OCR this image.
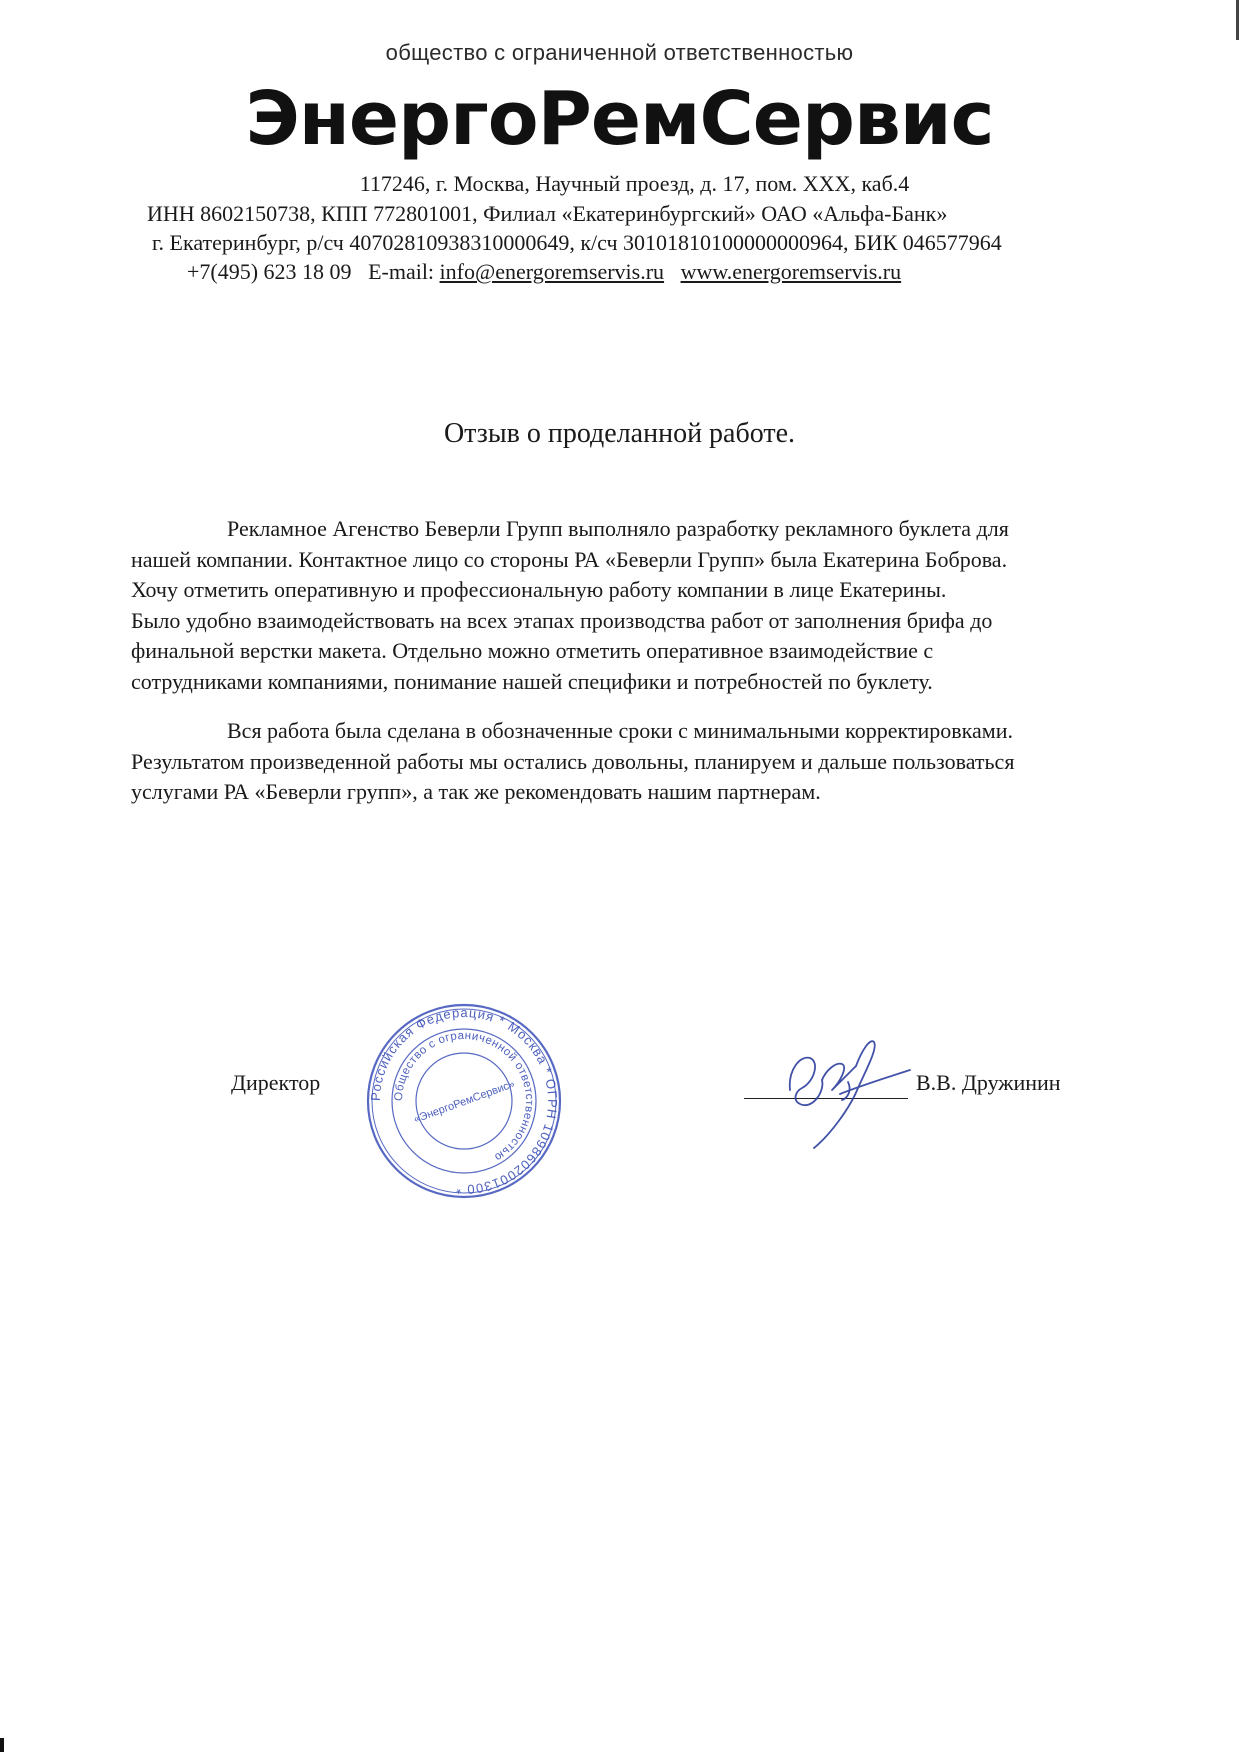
общество с ограниченной ответственностью
ЭнергоРемСервис
117246, г. Москва, Научный проезд, д. 17, пом. XXX, каб.4
ИНН 8602150738, КПП 772801001, Филиал «Екатеринбургский» ОАО «Альфа-Банк»
г. Екатеринбург, р/сч 40702810938310000649, к/сч 30101810100000000964, БИК 046577964
+7(495) 623 18 09 E-mail: info@energoremservis.ru www.energoremservis.ru
Отзыв о проделанной работе.
Рекламное Агенство Беверли Групп выполняло разработку рекламного буклета для
нашей компании. Контактное лицо со стороны РА «Беверли Групп» была Екатерина Боброва.
Хочу отметить оперативную и профессиональную работу компании в лице Екатерины.
Было удобно взаимодействовать на всех этапах производства работ от заполнения брифа до
финальной верстки макета. Отдельно можно отметить оперативное взаимодействие с
сотрудниками компаниями, понимание нашей специфики и потребностей по буклету.
Вся работа была сделана в обозначенные сроки с минимальными корректировками.
Результатом произведенной работы мы остались довольны, планируем и дальше пользоваться
услугами РА «Беверли групп», а так же рекомендовать нашим партнерам.
Директор
Российская Федерация * Москва * ОГРН 1098602001300 *
Общество с ограниченной ответственностью
«ЭнергоРемСервис»	В.В. Дружинин
